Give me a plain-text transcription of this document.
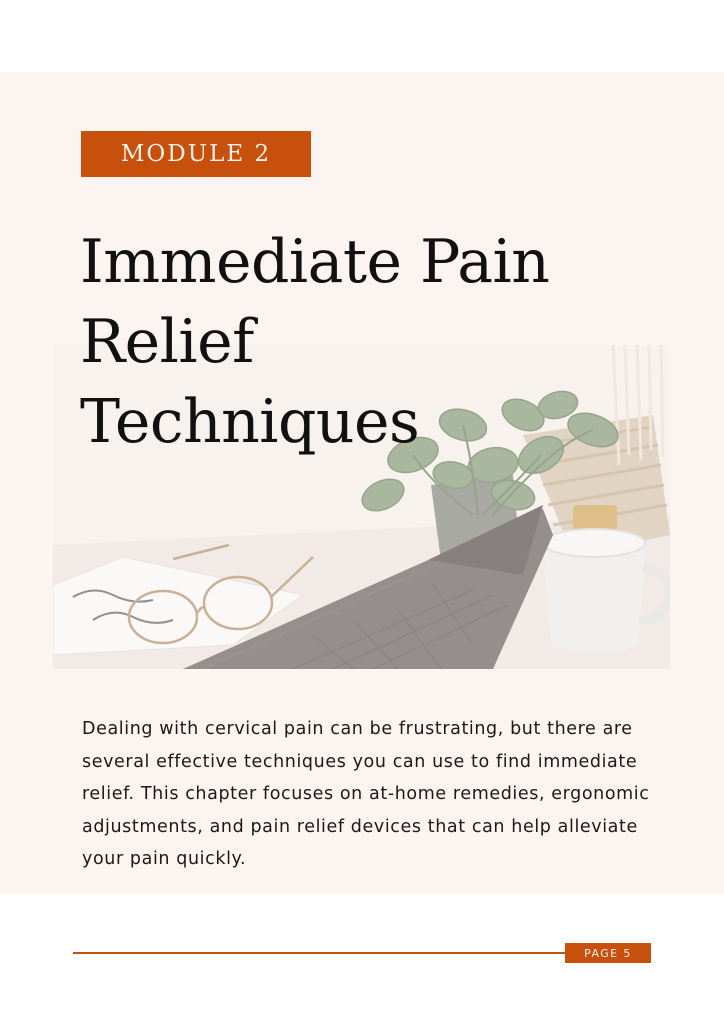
MODULE 2
Immediate Pain
Relief
Techniques

Dealing with cervical pain can be frustrating, but there are several effective techniques you can use to find immediate relief. This chapter focuses on at-home remedies, ergonomic adjustments, and pain relief devices that can help alleviate your pain quickly.

PAGE 5
